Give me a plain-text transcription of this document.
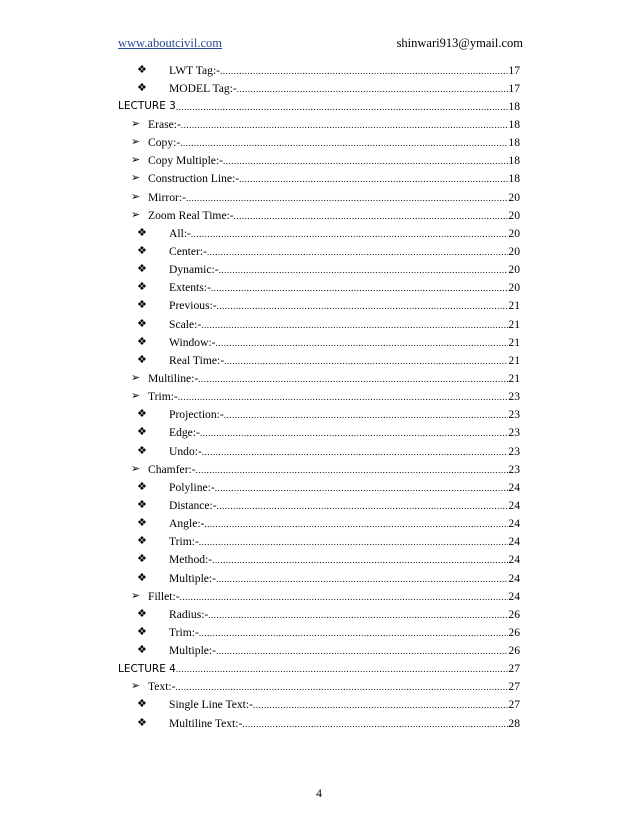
www.aboutcivil.com	shinwari913@ymail.com
❖ LWT Tag:- .....	17
❖ MODEL Tag:- .....	17
LECTURE 3 .....	18
➢ Erase:- .....	18
➢ Copy:- .....	18
➢ Copy Multiple:- .....	18
➢ Construction Line:- .....	18
➢ Mirror:- .....	20
➢ Zoom Real Time:- .....	20
❖ All:- .....	20
❖ Center:- .....	20
❖ Dynamic:- .....	20
❖ Extents:- .....	20
❖ Previous:- .....	21
❖ Scale:- .....	21
❖ Window:- .....	21
❖ Real Time:- .....	21
➢ Multiline:- .....	21
➢ Trim:- .....	23
❖ Projection:- .....	23
❖ Edge:- .....	23
❖ Undo:- .....	23
➢ Chamfer:- .....	23
❖ Polyline:- .....	24
❖ Distance:- .....	24
❖ Angle:- .....	24
❖ Trim:- .....	24
❖ Method:- .....	24
❖ Multiple:- .....	24
➢ Fillet:- .....	24
❖ Radius:- .....	26
❖ Trim:- .....	26
❖ Multiple:- .....	26
LECTURE 4 .....	27
➢ Text:- .....	27
❖ Single Line Text:- .....	27
❖ Multiline Text:- .....	28
4
